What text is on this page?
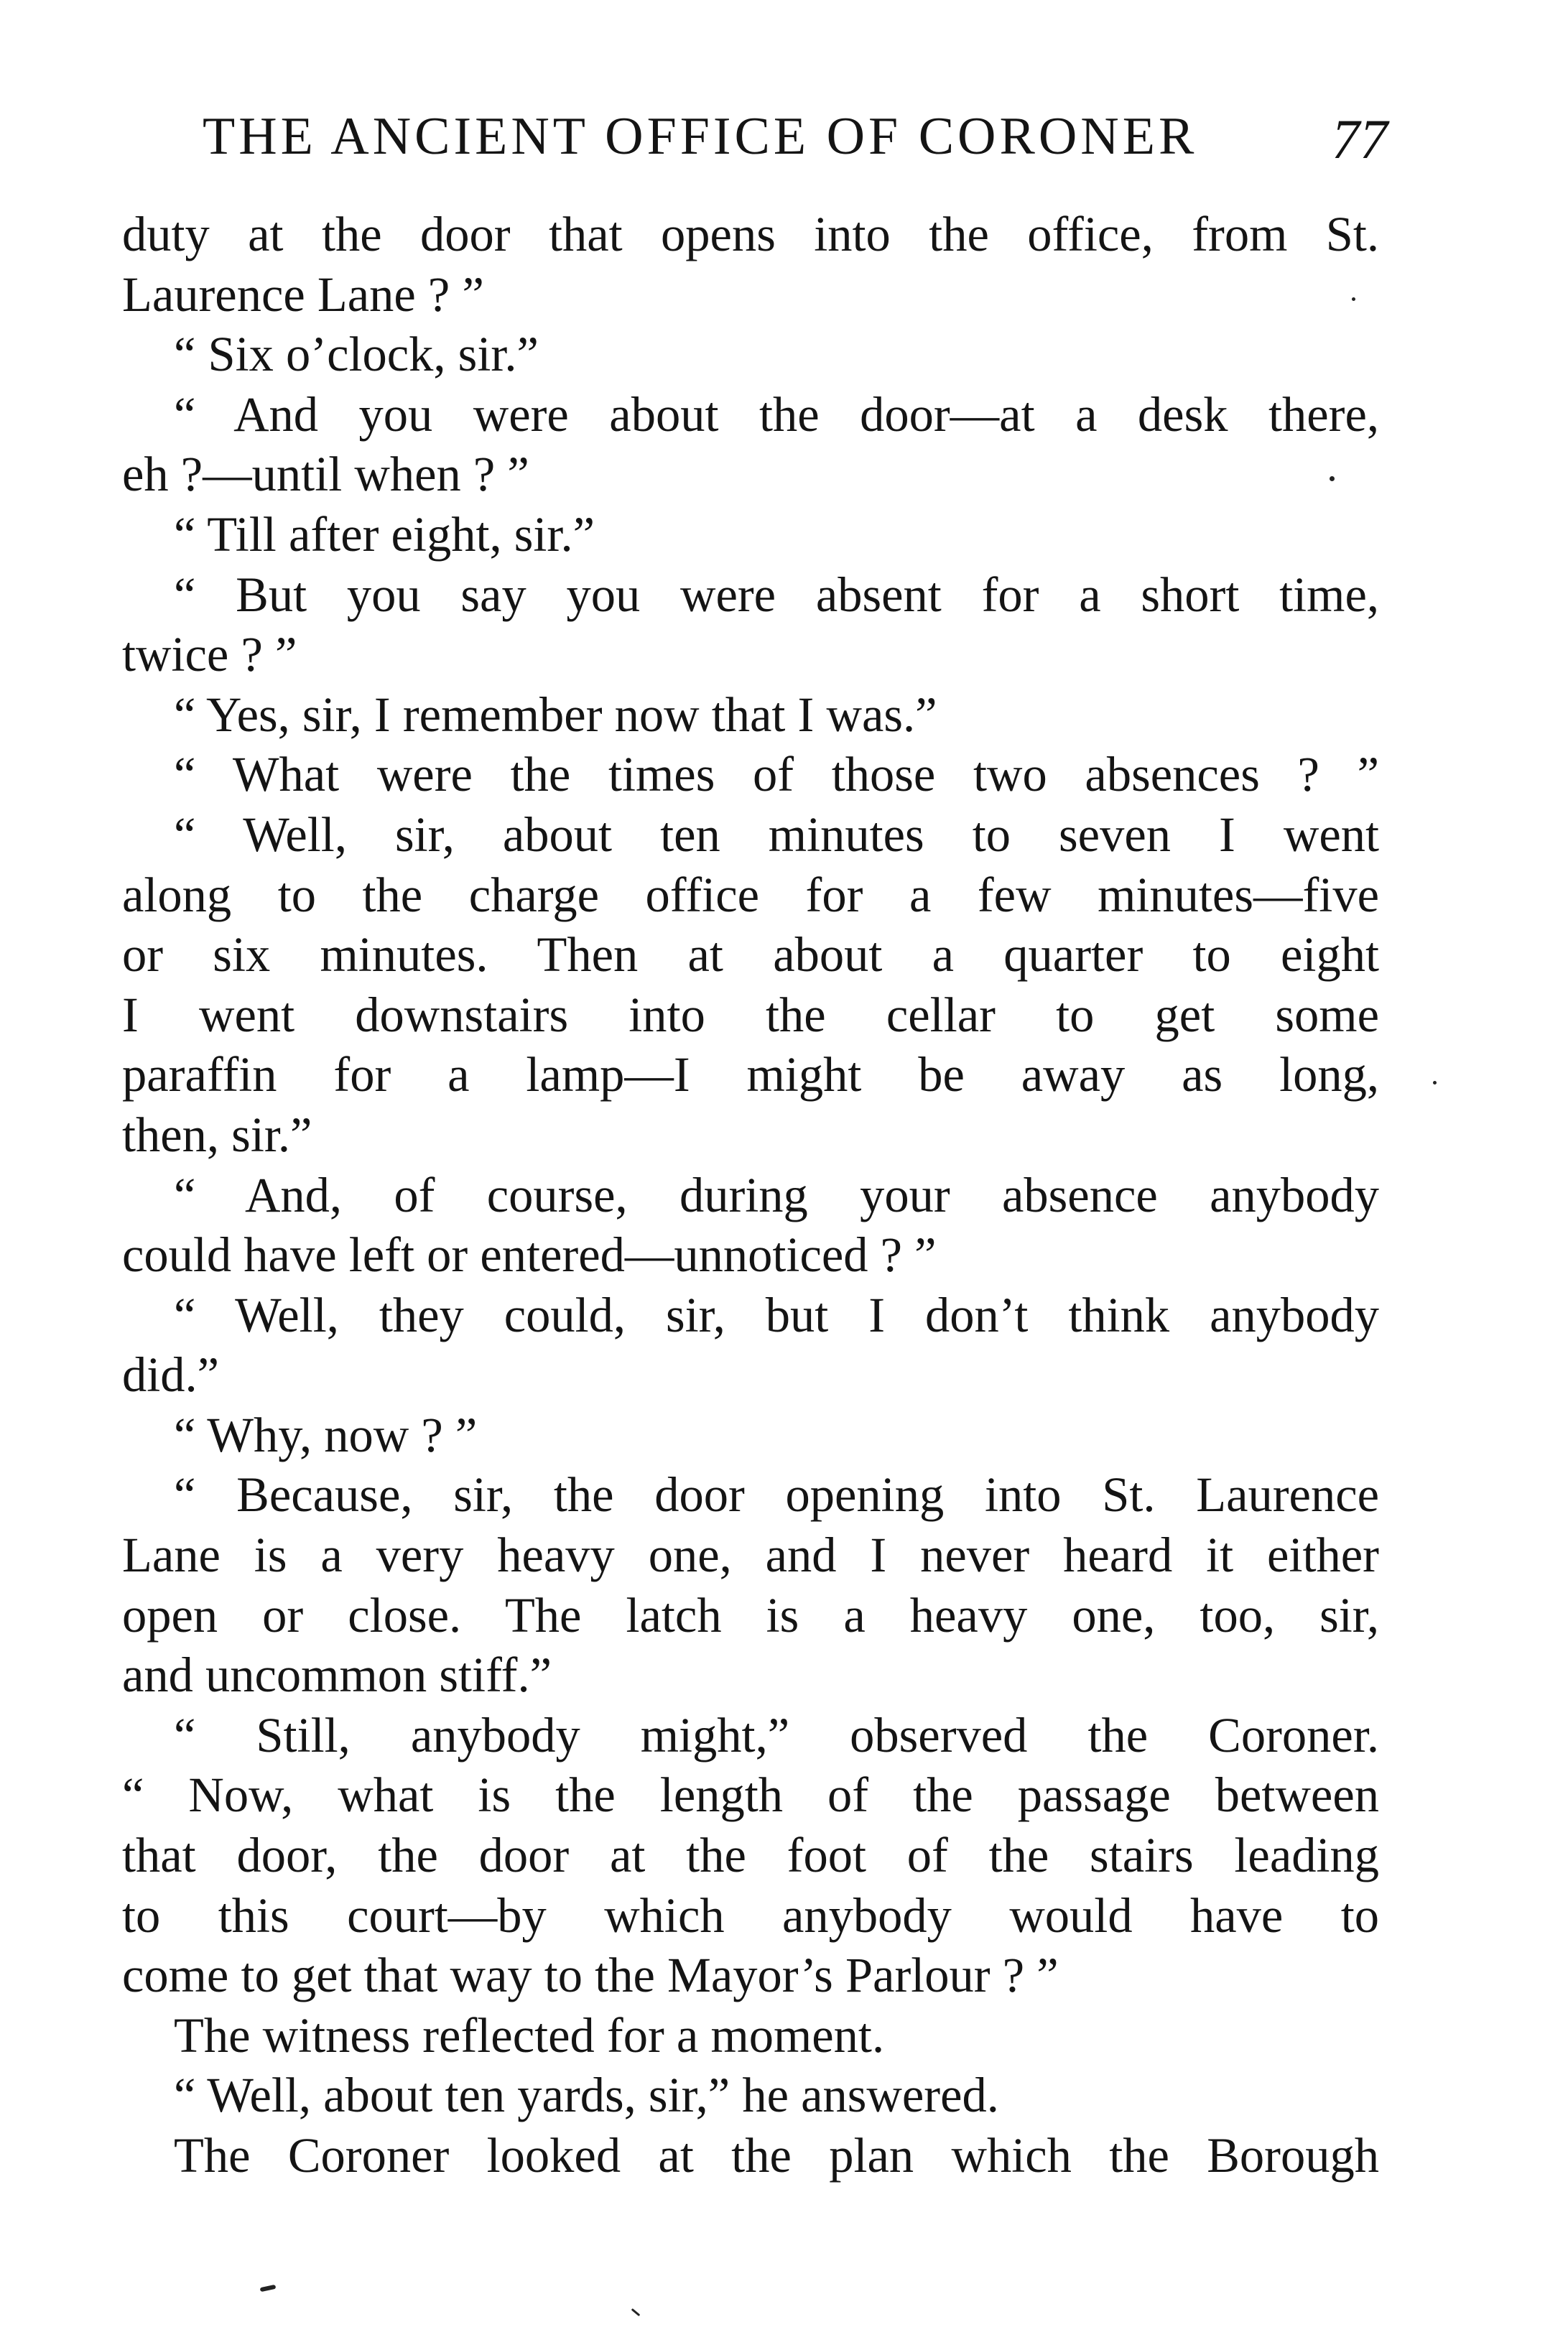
THE ANCIENT OFFICE OF CORONER 77
duty at the door that opens into the office, from St.
Laurence Lane ? ”
“ Six o’clock, sir.”
“ And you were about the door—at a desk there,
eh ?—until when ? ”
“ Till after eight, sir.”
“ But you say you were absent for a short time,
twice ? ”
“ Yes, sir, I remember now that I was.”
“ What were the times of those two absences ? ”
“ Well, sir, about ten minutes to seven I went
along to the charge office for a few minutes—five
or six minutes. Then at about a quarter to eight
I went downstairs into the cellar to get some
paraffin for a lamp—I might be away as long,
then, sir.”
“ And, of course, during your absence anybody
could have left or entered—unnoticed ? ”
“ Well, they could, sir, but I don’t think anybody
did.”
“ Why, now ? ”
“ Because, sir, the door opening into St. Laurence
Lane is a very heavy one, and I never heard it either
open or close. The latch is a heavy one, too, sir,
and uncommon stiff.”
“ Still, anybody might,” observed the Coroner.
“ Now, what is the length of the passage between
that door, the door at the foot of the stairs leading
to this court—by which anybody would have to
come to get that way to the Mayor’s Parlour ? ”
The witness reflected for a moment.
“ Well, about ten yards, sir,” he answered.
The Coroner looked at the plan which the Borough
